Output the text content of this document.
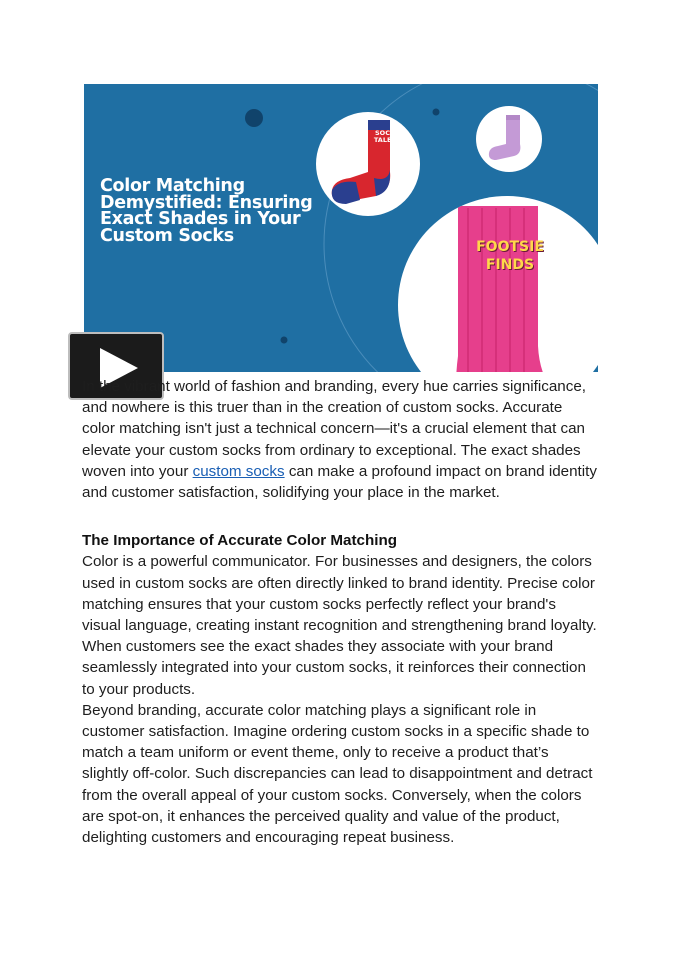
Color Matching
Demystified: Ensuring
Exact Shades in Your
Custom Socks
SOCK
TALES
FOOTSIE
FINDS

In the vibrant world of fashion and branding, every hue carries significance, and nowhere is this truer than in the creation of custom socks. Accurate color matching isn't just a technical concern—it's a crucial element that can elevate your custom socks from ordinary to exceptional. The exact shades woven into your custom socks can make a profound impact on brand identity and customer satisfaction, solidifying your place in the market.

The Importance of Accurate Color Matching

Color is a powerful communicator. For businesses and designers, the colors used in custom socks are often directly linked to brand identity. Precise color matching ensures that your custom socks perfectly reflect your brand's visual language, creating instant recognition and strengthening brand loyalty. When customers see the exact shades they associate with your brand seamlessly integrated into your custom socks, it reinforces their connection to your products.

Beyond branding, accurate color matching plays a significant role in customer satisfaction. Imagine ordering custom socks in a specific shade to match a team uniform or event theme, only to receive a product that’s slightly off-color. Such discrepancies can lead to disappointment and detract from the overall appeal of your custom socks. Conversely, when the colors are spot-on, it enhances the perceived quality and value of the product, delighting customers and encouraging repeat business.
